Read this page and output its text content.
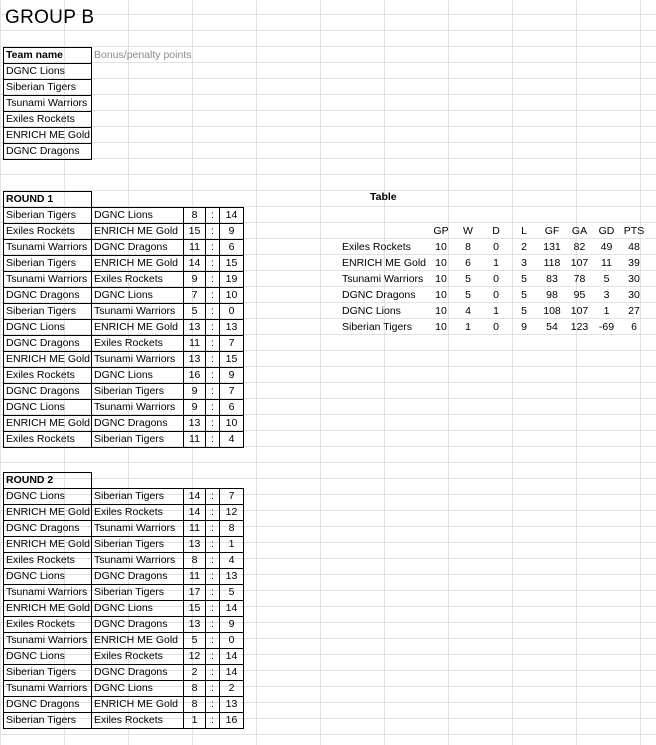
GROUP B
Team name	Bonus/penalty points
DGNC Lions	
Siberian Tigers	
Tsunami Warriors	
Exiles Rockets	
ENRICH ME Gold	
DGNC Dragons	
ROUND 1				
Siberian Tigers	DGNC Lions	8	:	14
Exiles Rockets	ENRICH ME Gold	15	:	9
Tsunami Warriors	DGNC Dragons	11	:	6
Siberian Tigers	ENRICH ME Gold	14	:	15
Tsunami Warriors	Exiles Rockets	9	:	19
DGNC Dragons	DGNC Lions	7	:	10
Siberian Tigers	Tsunami Warriors	5	:	0
DGNC Lions	ENRICH ME Gold	13	:	13
DGNC Dragons	Exiles Rockets	11	:	7
ENRICH ME Gold	Tsunami Warriors	13	:	15
Exiles Rockets	DGNC Lions	16	:	9
DGNC Dragons	Siberian Tigers	9	:	7
DGNC Lions	Tsunami Warriors	9	:	6
ENRICH ME Gold	DGNC Dragons	13	:	10
Exiles Rockets	Siberian Tigers	11	:	4
ROUND 2				
DGNC Lions	Siberian Tigers	14	:	7
ENRICH ME Gold	Exiles Rockets	14	:	12
DGNC Dragons	Tsunami Warriors	11	:	8
ENRICH ME Gold	Siberian Tigers	13	:	1
Exiles Rockets	Tsunami Warriors	8	:	4
DGNC Lions	DGNC Dragons	11	:	13
Tsunami Warriors	Siberian Tigers	17	:	5
ENRICH ME Gold	DGNC Lions	15	:	14
Exiles Rockets	DGNC Dragons	13	:	9
Tsunami Warriors	ENRICH ME Gold	5	:	0
DGNC Lions	Exiles Rockets	12	:	14
Siberian Tigers	DGNC Dragons	2	:	14
Tsunami Warriors	DGNC Lions	8	:	2
DGNC Dragons	ENRICH ME Gold	8	:	13
Siberian Tigers	Exiles Rockets	1	:	16
Table
	GP	W	D	L	GF	GA	GD	PTS
Exiles Rockets	10	8	0	2	131	82	49	48
ENRICH ME Gold	10	6	1	3	118	107	11	39
Tsunami Warriors	10	5	0	5	83	78	5	30
DGNC Dragons	10	5	0	5	98	95	3	30
DGNC Lions	10	4	1	5	108	107	1	27
Siberian Tigers	10	1	0	9	54	123	-69	6
